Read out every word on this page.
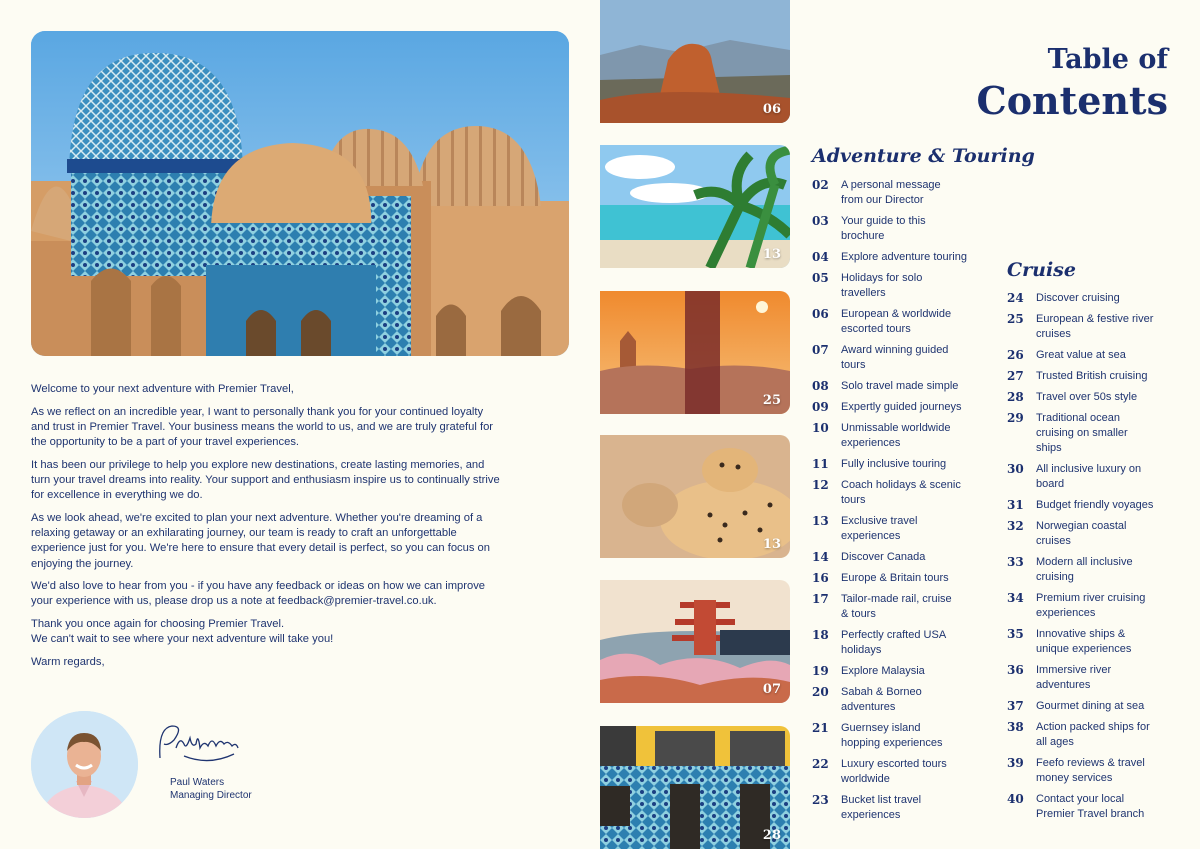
Welcome to your next adventure with Premier Travel,

As we reflect on an incredible year, I want to personally thank you for your continued loyalty and trust in Premier Travel. Your business means the world to us, and we are truly grateful for the opportunity to be a part of your travel experiences.

It has been our privilege to help you explore new destinations, create lasting memories, and turn your travel dreams into reality. Your support and enthusiasm inspire us to continually strive for excellence in everything we do.

As we look ahead, we're excited to plan your next adventure. Whether you're dreaming of a relaxing getaway or an exhilarating journey, our team is ready to craft an unforgettable experience just for you. We're here to ensure that every detail is perfect, so you can focus on enjoying the journey.

We'd also love to hear from you - if you have any feedback or ideas on how we can improve your experience with us, please drop us a note at feedback@premier-travel.co.uk.

Thank you once again for choosing Premier Travel.
We can't wait to see where your next adventure will take you!

Warm regards,

Paul Waters
Managing Director
06
13
25
13
07
28
Table of
Contents
Adventure & Touring
02	A personal message
from our Director
03	Your guide to this
brochure
04	Explore adventure touring
05	Holidays for solo
travellers
06	European & worldwide
escorted tours
07	Award winning guided
tours
08	Solo travel made simple
09	Expertly guided journeys
10	Unmissable worldwide
experiences
11	Fully inclusive touring
12	Coach holidays & scenic
tours
13	Exclusive travel
experiences
14	Discover Canada
16	Europe & Britain tours
17	Tailor-made rail, cruise
& tours
18	Perfectly crafted USA
holidays
19	Explore Malaysia
20	Sabah & Borneo
adventures
21	Guernsey island
hopping experiences
22	Luxury escorted tours
worldwide
23	Bucket list travel
experiences
Cruise
24	Discover cruising
25	European & festive river
cruises
26	Great value at sea
27	Trusted British cruising
28	Travel over 50s style
29	Traditional ocean
cruising on smaller
ships
30	All inclusive luxury on
board
31	Budget friendly voyages
32	Norwegian coastal
cruises
33	Modern all inclusive
cruising
34	Premium river cruising
experiences
35	Innovative ships &
unique experiences
36	Immersive river
adventures
37	Gourmet dining at sea
38	Action packed ships for
all ages
39	Feefo reviews & travel
money services
40	Contact your local
Premier Travel branch
